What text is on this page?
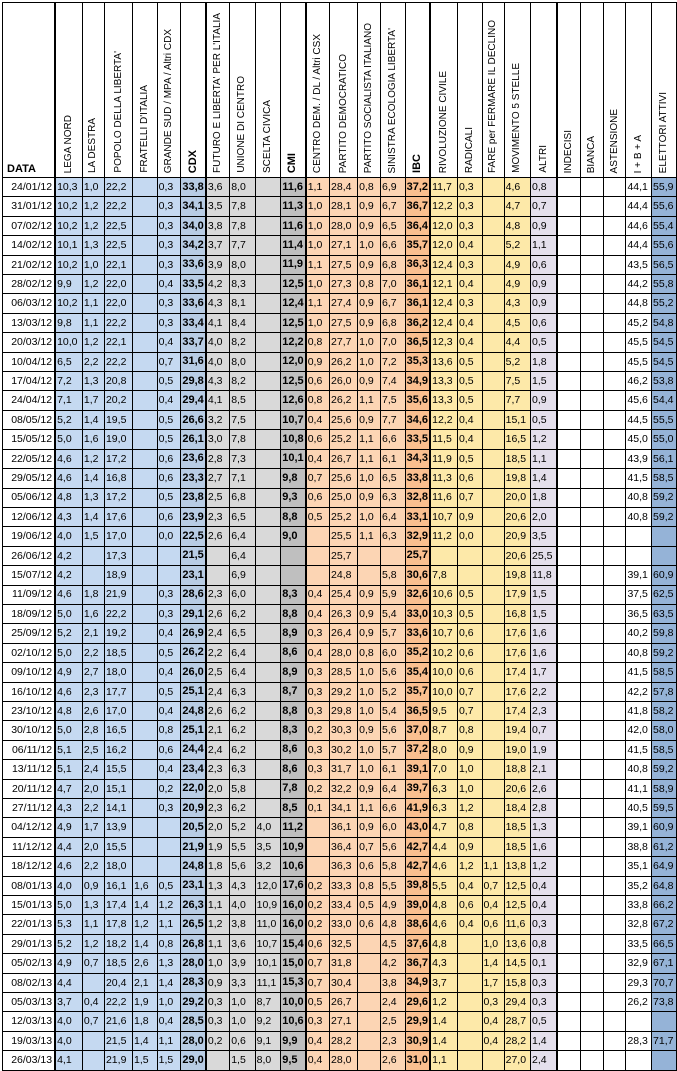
DATA	LEGA NORD	LA DESTRA	POPOLO DELLA LIBERTA'	FRATELLI D'ITALIA	GRANDE SUD / MPA / Altri CDX	CDX	FUTURO E LIBERTA' PER L'ITALIA	UNIONE DI CENTRO	SCELTA CIVICA	CMI	CENTRO DEM. / DL / Altri CSX	PARTITO DEMOCRATICO	PARTITO SOCIALISTA ITALIANO	SINISTRA ECOLOGIA LIBERTA'	IBC	RIVOLUZIONE CIVILE	RADICALI	FARE per FERMARE IL DECLINO	MOVIMENTO 5 STELLE	ALTRI	INDECISI	BIANCA	ASTENSIONE	I + B + A	ELETTORI ATTIVI

24/01/12	10,3	1,0	22,2		0,3	33,8	3,6	8,0		11,6	1,1	28,4	0,8	6,9	37,2	11,7	0,3		4,6	0,8				44,1	55,9
31/01/12	10,2	1,2	22,2		0,3	34,1	3,5	7,8		11,3	1,0	28,1	0,9	6,7	36,7	12,2	0,3		4,7	0,7				44,4	55,6
07/02/12	10,2	1,2	22,5		0,3	34,0	3,8	7,8		11,6	1,0	28,0	0,9	6,5	36,4	12,0	0,3		4,8	0,9				44,6	55,4
14/02/12	10,1	1,3	22,5		0,3	34,2	3,7	7,7		11,4	1,0	27,1	1,0	6,6	35,7	12,0	0,4		5,2	1,1				44,4	55,6
21/02/12	10,2	1,0	22,1		0,3	33,6	3,9	8,0		11,9	1,1	27,5	0,9	6,8	36,3	12,4	0,3		4,9	0,6				43,5	56,5
28/02/12	9,9	1,2	22,0		0,4	33,5	4,2	8,3		12,5	1,0	27,3	0,8	7,0	36,1	12,1	0,4		4,9	0,9				44,2	55,8
06/03/12	10,2	1,1	22,0		0,3	33,6	4,3	8,1		12,4	1,1	27,4	0,9	6,7	36,1	12,4	0,3		4,3	0,9				44,8	55,2
13/03/12	9,8	1,1	22,2		0,3	33,4	4,1	8,4		12,5	1,0	27,5	0,9	6,8	36,2	12,4	0,4		4,5	0,6				45,2	54,8
20/03/12	10,0	1,2	22,1		0,4	33,7	4,0	8,2		12,2	0,8	27,7	1,0	7,0	36,5	12,3	0,4		4,4	0,5				45,5	54,5
10/04/12	6,5	2,2	22,2		0,7	31,6	4,0	8,0		12,0	0,9	26,2	1,0	7,2	35,3	13,6	0,5		5,2	1,8				45,5	54,5
17/04/12	7,2	1,3	20,8		0,5	29,8	4,3	8,2		12,5	0,6	26,0	0,9	7,4	34,9	13,3	0,5		7,5	1,5				46,2	53,8
24/04/12	7,1	1,7	20,2		0,4	29,4	4,1	8,5		12,6	0,8	26,2	1,1	7,5	35,6	13,3	0,5		7,7	0,9				45,6	54,4
08/05/12	5,2	1,4	19,5		0,5	26,6	3,2	7,5		10,7	0,4	25,6	0,9	7,7	34,6	12,2	0,4		15,1	0,5				44,5	55,5
15/05/12	5,0	1,6	19,0		0,5	26,1	3,0	7,8		10,8	0,6	25,2	1,1	6,6	33,5	11,5	0,4		16,5	1,2				45,0	55,0
22/05/12	4,6	1,2	17,2		0,6	23,6	2,8	7,3		10,1	0,4	26,7	1,1	6,1	34,3	11,9	0,5		18,5	1,1				43,9	56,1
29/05/12	4,6	1,4	16,8		0,6	23,3	2,7	7,1		9,8	0,7	25,6	1,0	6,5	33,8	11,3	0,6		19,8	1,4				41,5	58,5
05/06/12	4,8	1,3	17,2		0,5	23,8	2,5	6,8		9,3	0,6	25,0	0,9	6,3	32,8	11,6	0,7		20,0	1,8				40,8	59,2
12/06/12	4,3	1,4	17,6		0,6	23,9	2,3	6,5		8,8	0,5	25,2	1,0	6,4	33,1	10,7	0,9		20,6	2,0				40,8	59,2
19/06/12	4,0	1,5	17,0		0,0	22,5	2,6	6,4		9,0		25,5	1,1	6,3	32,9	11,2	0,0		20,9	3,5					
26/06/12	4,2		17,3			21,5		6,4				25,7			25,7				20,6	25,5					
15/07/12	4,2		18,9			23,1		6,9				24,8		5,8	30,6	7,8			19,8	11,8				39,1	60,9
11/09/12	4,6	1,8	21,9		0,3	28,6	2,3	6,0		8,3	0,4	25,4	0,9	5,9	32,6	10,6	0,5		17,9	1,5				37,5	62,5
18/09/12	5,0	1,6	22,2		0,3	29,1	2,6	6,2		8,8	0,4	26,3	0,9	5,4	33,0	10,3	0,5		16,8	1,5				36,5	63,5
25/09/12	5,2	2,1	19,2		0,4	26,9	2,4	6,5		8,9	0,3	26,4	0,9	5,7	33,6	10,7	0,6		17,6	1,6				40,2	59,8
02/10/12	5,0	2,2	18,5		0,5	26,2	2,2	6,4		8,6	0,4	28,0	0,8	6,0	35,2	10,2	0,6		17,6	1,6				40,8	59,2
09/10/12	4,9	2,7	18,0		0,4	26,0	2,5	6,4		8,9	0,3	28,5	1,0	5,6	35,4	10,0	0,6		17,4	1,7				41,5	58,5
16/10/12	4,6	2,3	17,7		0,5	25,1	2,4	6,3		8,7	0,3	29,2	1,0	5,2	35,7	10,0	0,7		17,6	2,2				42,2	57,8
23/10/12	4,8	2,6	17,0		0,4	24,8	2,6	6,2		8,8	0,3	29,8	1,0	5,4	36,5	9,5	0,7		17,4	2,3				41,8	58,2
30/10/12	5,0	2,8	16,5		0,8	25,1	2,1	6,2		8,3	0,2	30,3	0,9	5,6	37,0	8,7	0,8		19,4	0,7				42,0	58,0
06/11/12	5,1	2,5	16,2		0,6	24,4	2,4	6,2		8,6	0,3	30,2	1,0	5,7	37,2	8,0	0,9		19,0	1,9				41,5	58,5
13/11/12	5,1	2,4	15,5		0,4	23,4	2,3	6,3		8,6	0,3	31,7	1,0	6,1	39,1	7,0	1,0		18,8	2,1				40,8	59,2
20/11/12	4,7	2,0	15,1		0,2	22,0	2,0	5,8		7,8	0,2	32,2	0,9	6,4	39,7	6,3	1,0		20,6	2,6				41,1	58,9
27/11/12	4,3	2,2	14,1		0,3	20,9	2,3	6,2		8,5	0,1	34,1	1,1	6,6	41,9	6,3	1,2		18,4	2,8				40,5	59,5
04/12/12	4,9	1,7	13,9			20,5	2,0	5,2	4,0	11,2		36,1	0,9	6,0	43,0	4,7	0,8		18,5	1,3				39,1	60,9
11/12/12	4,4	2,0	15,5			21,9	1,9	5,5	3,5	10,9		36,4	0,7	5,6	42,7	4,4	0,9		18,5	1,6				38,8	61,2
18/12/12	4,6	2,2	18,0			24,8	1,8	5,6	3,2	10,6		36,3	0,6	5,8	42,7	4,6	1,2	1,1	13,8	1,2				35,1	64,9
08/01/13	4,0	0,9	16,1	1,6	0,5	23,1	1,3	4,3	12,0	17,6	0,2	33,3	0,8	5,5	39,8	5,5	0,4	0,7	12,5	0,4				35,2	64,8
15/01/13	5,0	1,3	17,4	1,4	1,2	26,3	1,1	4,0	10,9	16,0	0,2	33,4	0,5	4,9	39,0	4,8	0,6	0,4	12,5	0,4				33,8	66,2
22/01/13	5,3	1,1	17,8	1,2	1,1	26,5	1,2	3,8	11,0	16,0	0,2	33,0	0,6	4,8	38,6	4,6	0,4	0,6	11,6	0,3				32,8	67,2
29/01/13	5,2	1,2	18,2	1,4	0,8	26,8	1,1	3,6	10,7	15,4	0,6	32,5		4,5	37,6	4,8		1,0	13,6	0,8				33,5	66,5
05/02/13	4,9	0,7	18,5	2,6	1,3	28,0	1,0	3,9	10,1	15,0	0,7	31,8		4,2	36,7	4,3		1,4	14,5	0,1				32,9	67,1
08/02/13	4,4		20,4	2,1	1,4	28,3	0,9	3,3	11,1	15,3	0,7	30,4		3,8	34,9	3,7		1,7	15,8	0,3				29,3	70,7
05/03/13	3,7	0,4	22,2	1,9	1,0	29,2	0,3	1,0	8,7	10,0	0,5	26,7		2,4	29,6	1,2		0,3	29,4	0,3				26,2	73,8
12/03/13	4,0	0,7	21,6	1,8	0,4	28,5	0,3	1,0	9,2	10,6	0,3	27,1		2,5	29,9	1,4		0,4	28,7	0,5					
19/03/13	4,0		21,5	1,4	1,1	28,0	0,2	0,6	9,1	9,9	0,4	28,2		2,3	30,9	1,4		0,4	28,2	1,4				28,3	71,7
26/03/13	4,1		21,9	1,5	1,5	29,0		1,5	8,0	9,5	0,4	28,0		2,6	31,0	1,1			27,0	2,4					
